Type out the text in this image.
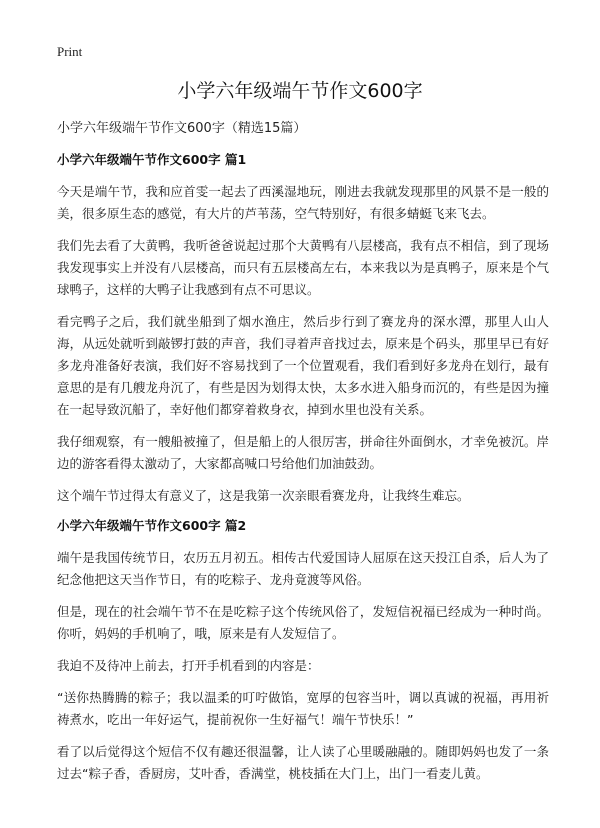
Print
小学六年级端午节作文600字
小学六年级端午节作文600字（精选15篇）
小学六年级端午节作文600字 篇1

今天是端午节，我和应首雯一起去了西溪湿地玩，刚进去我就发现那里的风景不是一般的美，很多原生态的感觉，有大片的芦苇荡，空气特别好，有很多蜻蜓飞来飞去。

我们先去看了大黄鸭，我听爸爸说起过那个大黄鸭有八层楼高，我有点不相信，到了现场我发现事实上并没有八层楼高，而只有五层楼高左右，本来我以为是真鸭子，原来是个气球鸭子，这样的大鸭子让我感到有点不可思议。

看完鸭子之后，我们就坐船到了烟水渔庄，然后步行到了赛龙舟的深水潭，那里人山人海，从远处就听到敲锣打鼓的声音，我们寻着声音找过去，原来是个码头，那里早已有好多龙舟准备好表演，我们好不容易找到了一个位置观看，我们看到好多龙舟在划行，最有意思的是有几艘龙舟沉了，有些是因为划得太快，太多水进入船身而沉的，有些是因为撞在一起导致沉船了，幸好他们都穿着救身衣，掉到水里也没有关系。

我仔细观察，有一艘船被撞了，但是船上的人很厉害，拼命往外面倒水，才幸免被沉。岸边的游客看得太激动了，大家都高喊口号给他们加油鼓劲。

这个端午节过得太有意义了，这是我第一次亲眼看赛龙舟，让我终生难忘。

小学六年级端午节作文600字 篇2

端午是我国传统节日，农历五月初五。相传古代爱国诗人屈原在这天投江自杀，后人为了纪念他把这天当作节日，有的吃粽子、龙舟竟渡等风俗。

但是，现在的社会端午节不在是吃粽子这个传统风俗了，发短信祝福已经成为一种时尚。你听，妈妈的手机响了，哦，原来是有人发短信了。

我迫不及待冲上前去，打开手机看到的内容是：

“送你热腾腾的粽子；我以温柔的叮咛做馅，宽厚的包容当叶，调以真诚的祝福，再用祈祷煮水，吃出一年好运气，提前祝你一生好福气！端午节快乐！”

看了以后觉得这个短信不仅有趣还很温馨，让人读了心里暖融融的。随即妈妈也发了一条过去“粽子香，香厨房，艾叶香，香满堂，桃枝插在大门上，出门一看麦儿黄。
